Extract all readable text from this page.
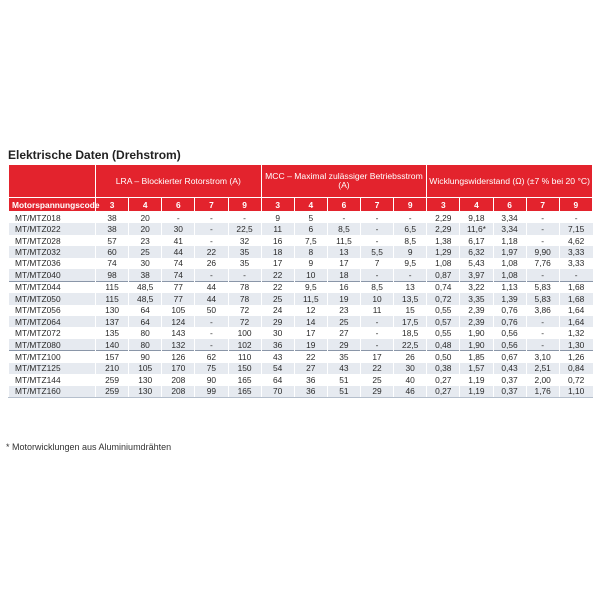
Elektrische Daten (Drehstrom)
	LRA – Blockierter Rotorstrom (A)					MCC – Maximal zulässiger Betriebsstrom (A)					Wicklungswiderstand (Ω) (±7 % bei 20 °C)				
Motorspannungscode	3	4	6	7	9	3	4	6	7	9	3	4	6	7	9
MT/MTZ018	38	20	-	-	-	9	5	-	-	-	2,29	9,18	3,34	-	-
MT/MTZ022	38	20	30	-	22,5	11	6	8,5	-	6,5	2,29	11,6*	3,34	-	7,15
MT/MTZ028	57	23	41	-	32	16	7,5	11,5	-	8,5	1,38	6,17	1,18	-	4,62
MT/MTZ032	60	25	44	22	35	18	8	13	5,5	9	1,29	6,32	1,97	9,90	3,33
MT/MTZ036	74	30	74	26	35	17	9	17	7	9,5	1,08	5,43	1,08	7,76	3,33
MT/MTZ040	98	38	74	-	-	22	10	18	-	-	0,87	3,97	1,08	-	-
MT/MTZ044	115	48,5	77	44	78	22	9,5	16	8,5	13	0,74	3,22	1,13	5,83	1,68
MT/MTZ050	115	48,5	77	44	78	25	11,5	19	10	13,5	0,72	3,35	1,39	5,83	1,68
MT/MTZ056	130	64	105	50	72	24	12	23	11	15	0,55	2,39	0,76	3,86	1,64
MT/MTZ064	137	64	124	-	72	29	14	25	-	17,5	0,57	2,39	0,76	-	1,64
MT/MTZ072	135	80	143	-	100	30	17	27	-	18,5	0,55	1,90	0,56	-	1,32
MT/MTZ080	140	80	132	-	102	36	19	29	-	22,5	0,48	1,90	0,56	-	1,30
MT/MTZ100	157	90	126	62	110	43	22	35	17	26	0,50	1,85	0,67	3,10	1,26
MT/MTZ125	210	105	170	75	150	54	27	43	22	30	0,38	1,57	0,43	2,51	0,84
MT/MTZ144	259	130	208	90	165	64	36	51	25	40	0,27	1,19	0,37	2,00	0,72
MT/MTZ160	259	130	208	99	165	70	36	51	29	46	0,27	1,19	0,37	1,76	1,10
* Motorwicklungen aus Aluminiumdrähten
